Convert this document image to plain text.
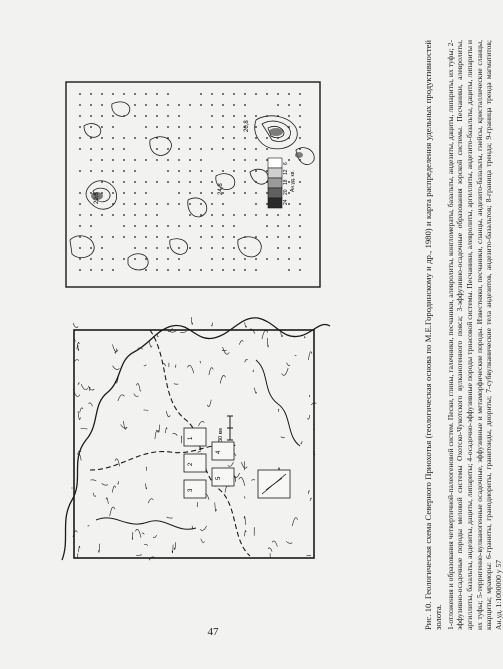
6
12
18
20
24
Ан.уд. кв.
20,8
24,8
20,8
30 км
1
2
3
4
5	Рис. 10. Геологическая схема Северного Приохотья (геологическая основа по М.Е.Городинскому и др., 1980) и карта распределения удельных продуктивностей золота. 1-отложения и образования четвертичной-палеогеновой систем. Пески, глины, галечники, песчаники, алевролиты, конгломераты, базальты, андезиты, дациты, липариты, их туфы; 2-эффузивно-осадочные породы меловой системы Охотско-Чукотского вулканогенного пояса; 3-эффузивно-осадочные образования юрской системы. Песчаники, алевролиты, аргиллиты, базальты, андезиты, дациты, липариты; 4-осадочно-эффузивные породы триасовой системы. Песчаники, алевролиты, аргиллиты, андезито-базальты, дациты, липариты и их туфы; 5-терригенно-вулканогенные осадочные, эффузивные и метаморфические породы. Известняки, песчаники, сланцы, андезито-базальты, гнейсы, кристаллические сланцы, кварциты; мраморы: 6-граниты, гранодиориты, гранитоиды, диориты; 7-субвулканические тела андезитов, андезито-базальтов; 8-граница тренда; 9-граница тренда магматитов; Ан.уд. 1:1000000 у 57
47
